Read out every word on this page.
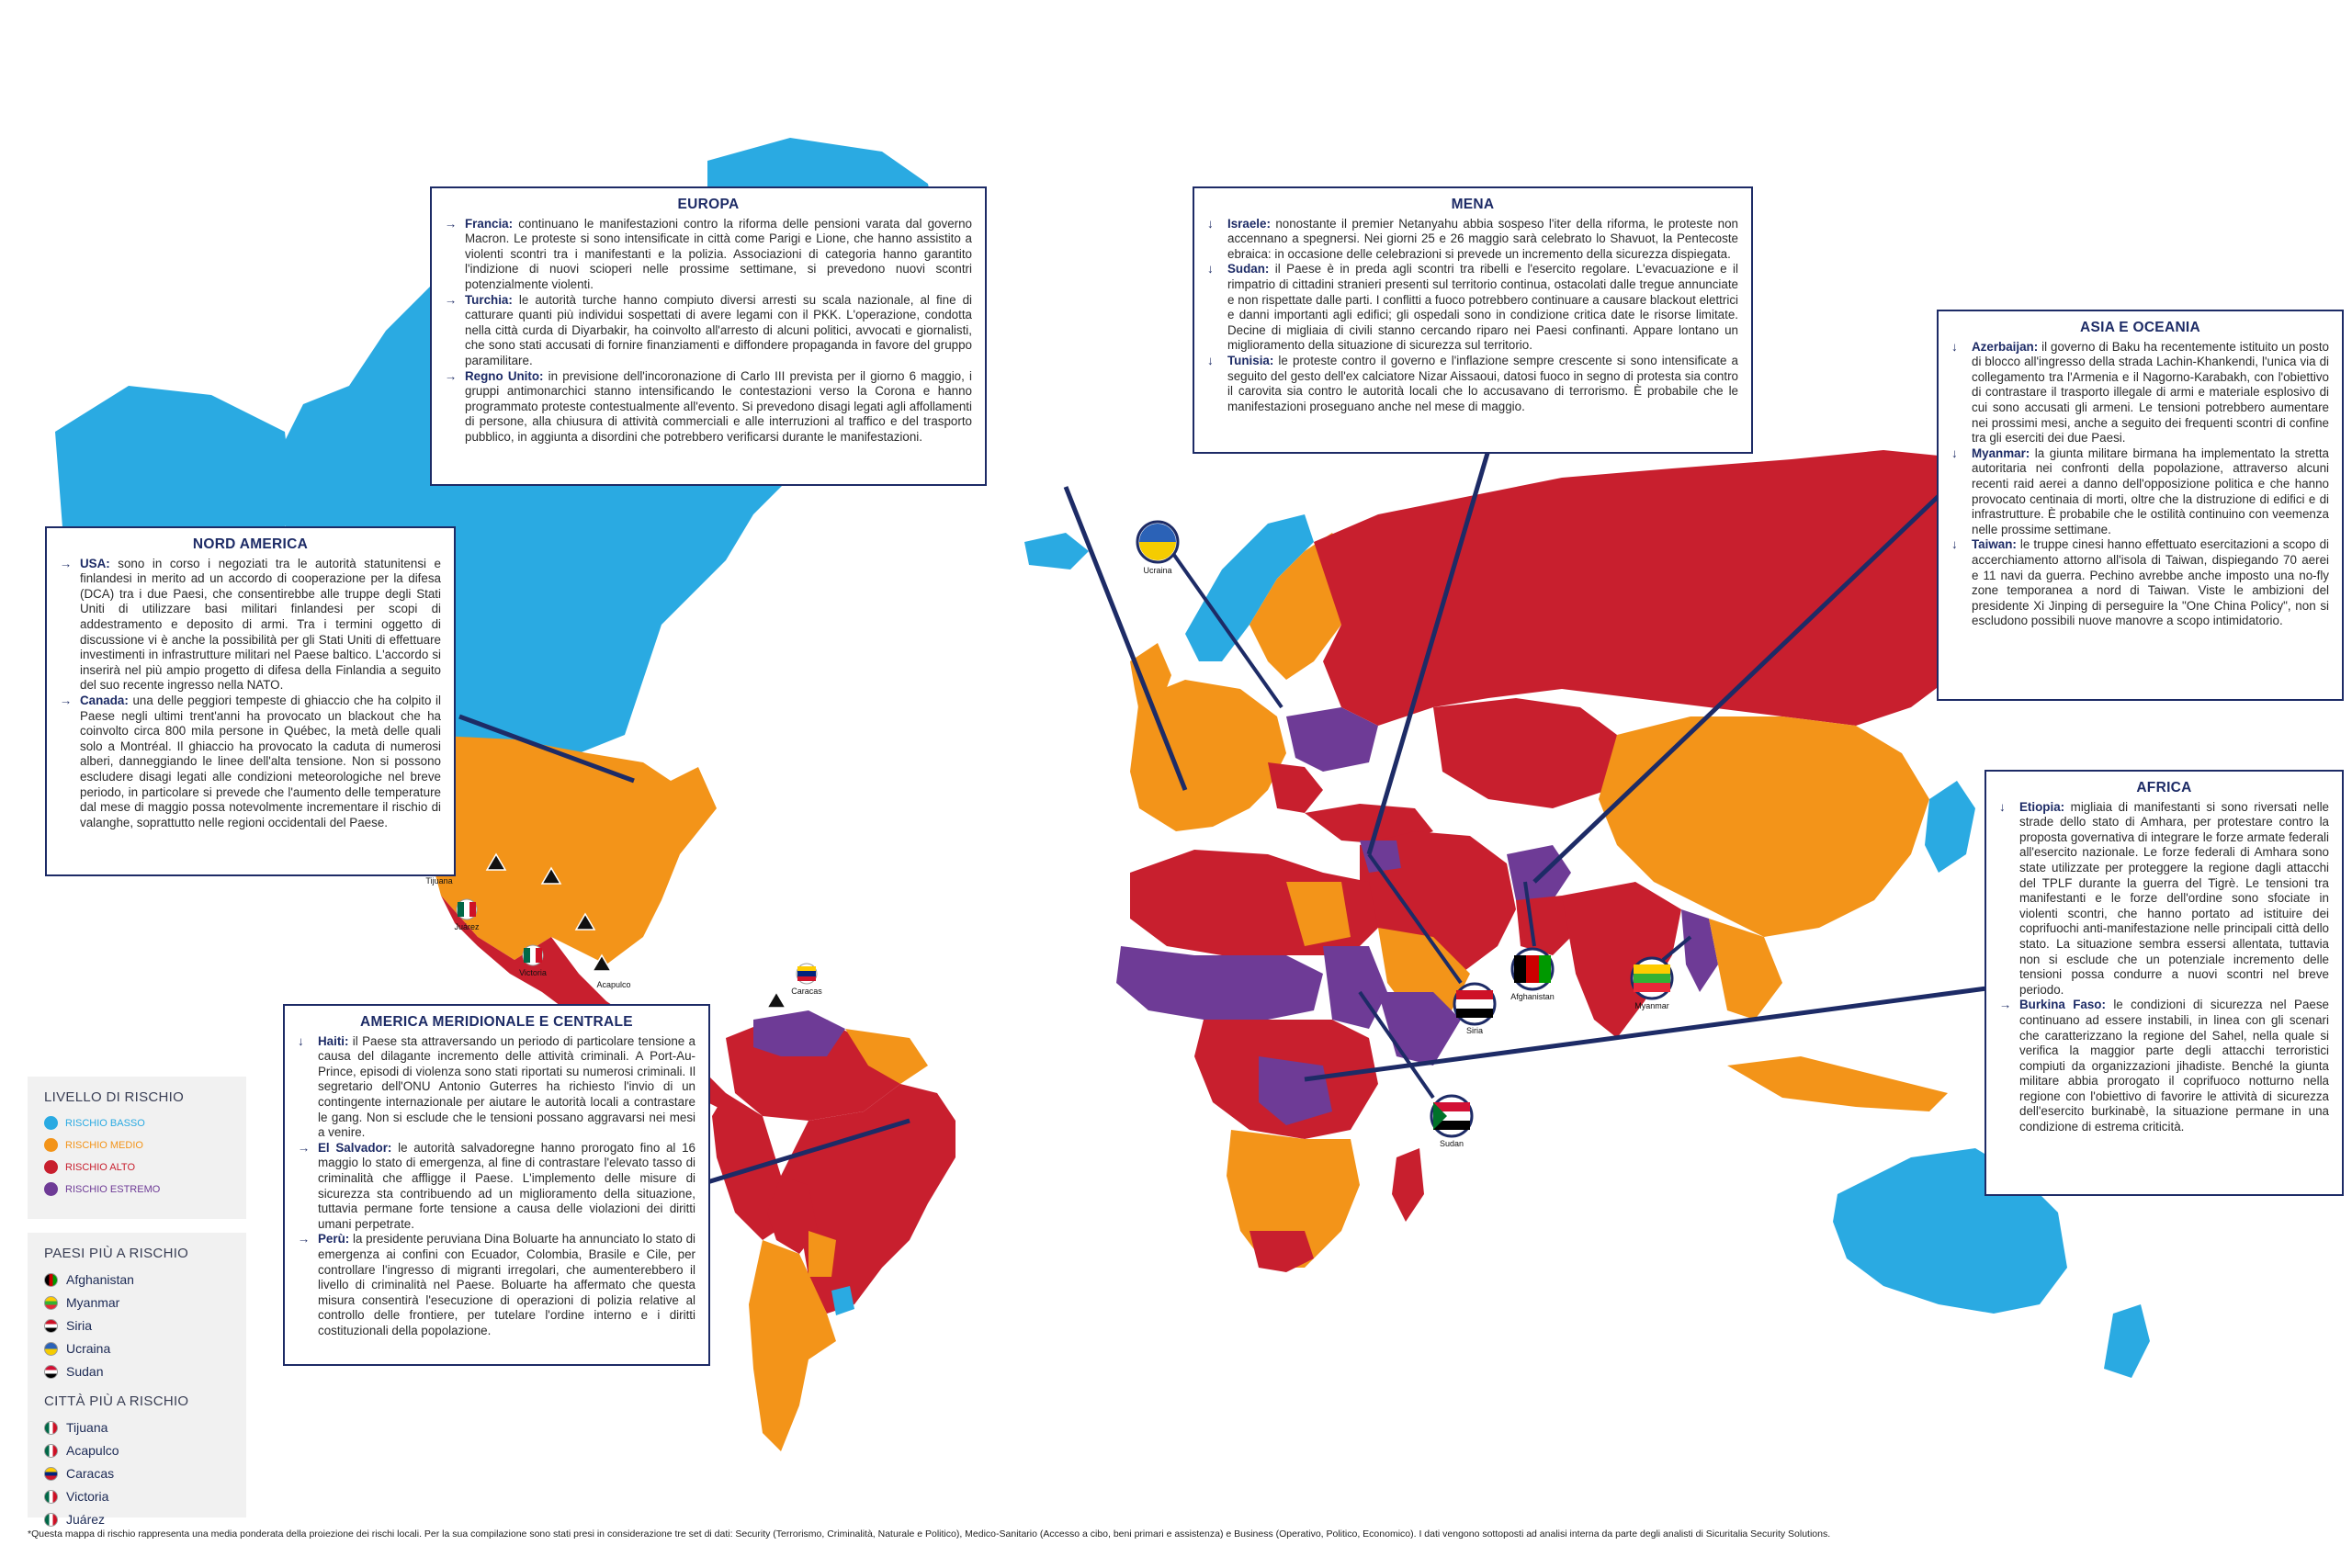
Ucraina
Siria
Afghanistan
Myanmar
Sudan
Tijuana
Juárez
Victoria
Acapulco
Caracas
EUROPA

→ Francia: continuano le manifestazioni contro la riforma delle pensioni varata dal governo Macron. Le proteste si sono intensificate in città come Parigi e Lione, che hanno assistito a violenti scontri tra i manifestanti e la polizia. Associazioni di categoria hanno garantito l'indizione di nuovi scioperi nelle prossime settimane, si prevedono nuovi scontri potenzialmente violenti.

→ Turchia: le autorità turche hanno compiuto diversi arresti su scala nazionale, al fine di catturare quanti più individui sospettati di avere legami con il PKK. L'operazione, condotta nella città curda di Diyarbakir, ha coinvolto all'arresto di alcuni politici, avvocati e giornalisti, che sono stati accusati di fornire finanziamenti e diffondere propaganda in favore del gruppo paramilitare.

→ Regno Unito: in previsione dell'incoronazione di Carlo III prevista per il giorno 6 maggio, i gruppi antimonarchici stanno intensificando le contestazioni verso la Corona e hanno programmato proteste contestualmente all'evento. Si prevedono disagi legati agli affollamenti di persone, alla chiusura di attività commerciali e alle interruzioni al traffico e del trasporto pubblico, in aggiunta a disordini che potrebbero verificarsi durante le manifestazioni.

MENA

↓ Israele: nonostante il premier Netanyahu abbia sospeso l'iter della riforma, le proteste non accennano a spegnersi. Nei giorni 25 e 26 maggio sarà celebrato lo Shavuot, la Pentecoste ebraica: in occasione delle celebrazioni si prevede un incremento della sicurezza dispiegata.

↓ Sudan: il Paese è in preda agli scontri tra ribelli e l'esercito regolare. L'evacuazione e il rimpatrio di cittadini stranieri presenti sul territorio continua, ostacolati dalle tregue annunciate e non rispettate dalle parti. I conflitti a fuoco potrebbero continuare a causare blackout elettrici e danni importanti agli edifici; gli ospedali sono in condizione critica date le risorse limitate. Decine di migliaia di civili stanno cercando riparo nei Paesi confinanti. Appare lontano un miglioramento della situazione di sicurezza sul territorio.

↓ Tunisia: le proteste contro il governo e l'inflazione sempre crescente si sono intensificate a seguito del gesto dell'ex calciatore Nizar Aissaoui, datosi fuoco in segno di protesta sia contro il carovita sia contro le autorità locali che lo accusavano di terrorismo. È probabile che le manifestazioni proseguano anche nel mese di maggio.

ASIA E OCEANIA

↓ Azerbaijan: il governo di Baku ha recentemente istituito un posto di blocco all'ingresso della strada Lachin-Khankendi, l'unica via di collegamento tra l'Armenia e il Nagorno-Karabakh, con l'obiettivo di contrastare il trasporto illegale di armi e materiale esplosivo di cui sono accusati gli armeni. Le tensioni potrebbero aumentare nei prossimi mesi, anche a seguito dei frequenti scontri di confine tra gli eserciti dei due Paesi.

↓ Myanmar: la giunta militare birmana ha implementato la stretta autoritaria nei confronti della popolazione, attraverso alcuni recenti raid aerei a danno dell'opposizione politica e che hanno provocato centinaia di morti, oltre che la distruzione di edifici e di infrastrutture. È probabile che le ostilità continuino con veemenza nelle prossime settimane.

↓ Taiwan: le truppe cinesi hanno effettuato esercitazioni a scopo di accerchiamento attorno all'isola di Taiwan, dispiegando 70 aerei e 11 navi da guerra. Pechino avrebbe anche imposto una no-fly zone temporanea a nord di Taiwan. Viste le ambizioni del presidente Xi Jinping di perseguire la "One China Policy", non si escludono possibili nuove manovre a scopo intimidatorio.

NORD AMERICA

→ USA: sono in corso i negoziati tra le autorità statunitensi e finlandesi in merito ad un accordo di cooperazione per la difesa (DCA) tra i due Paesi, che consentirebbe alle truppe degli Stati Uniti di utilizzare basi militari finlandesi per scopi di addestramento e deposito di armi. Tra i termini oggetto di discussione vi è anche la possibilità per gli Stati Uniti di effettuare investimenti in infrastrutture militari nel Paese baltico. L'accordo si inserirà nel più ampio progetto di difesa della Finlandia a seguito del suo recente ingresso nella NATO.

→ Canada: una delle peggiori tempeste di ghiaccio che ha colpito il Paese negli ultimi trent'anni ha provocato un blackout che ha coinvolto circa 800 mila persone in Québec, la metà delle quali solo a Montréal. Il ghiaccio ha provocato la caduta di numerosi alberi, danneggiando le linee dell'alta tensione. Non si possono escludere disagi legati alle condizioni meteorologiche nel breve periodo, in particolare si prevede che l'aumento delle temperature dal mese di maggio possa notevolmente incrementare il rischio di valanghe, soprattutto nelle regioni occidentali del Paese.

AMERICA MERIDIONALE E CENTRALE

↓ Haiti: il Paese sta attraversando un periodo di particolare tensione a causa del dilagante incremento delle attività criminali. A Port-Au-Prince, episodi di violenza sono stati riportati su numerosi criminali. Il segretario dell'ONU Antonio Guterres ha richiesto l'invio di un contingente internazionale per aiutare le autorità locali a contrastare le gang. Non si esclude che le tensioni possano aggravarsi nei mesi a venire.

→ El Salvador: le autorità salvadoregne hanno prorogato fino al 16 maggio lo stato di emergenza, al fine di contrastare l'elevato tasso di criminalità che affligge il Paese. L'implemento delle misure di sicurezza sta contribuendo ad un miglioramento della situazione, tuttavia permane forte tensione a causa delle violazioni dei diritti umani perpetrate.

→ Perù: la presidente peruviana Dina Boluarte ha annunciato lo stato di emergenza ai confini con Ecuador, Colombia, Brasile e Cile, per controllare l'ingresso di migranti irregolari, che aumenterebbero il livello di criminalità nel Paese. Boluarte ha affermato che questa misura consentirà l'esecuzione di operazioni di polizia relative al controllo delle frontiere, per tutelare l'ordine interno e i diritti costituzionali della popolazione.

AFRICA

↓ Etiopia: migliaia di manifestanti si sono riversati nelle strade dello stato di Amhara, per protestare contro la proposta governativa di integrare le forze armate federali all'esercito nazionale. Le forze federali di Amhara sono state utilizzate per proteggere la regione dagli attacchi del TPLF durante la guerra del Tigrè. Le tensioni tra manifestanti e le forze dell'ordine sono sfociate in violenti scontri, che hanno portato ad istituire dei coprifuochi anti-manifestazione nelle principali città dello stato. La situazione sembra essersi allentata, tuttavia non si esclude che un potenziale incremento delle tensioni possa condurre a nuovi scontri nel breve periodo.

→ Burkina Faso: le condizioni di sicurezza nel Paese continuano ad essere instabili, in linea con gli scenari che caratterizzano la regione del Sahel, nella quale si verifica la maggior parte degli attacchi terroristici compiuti da organizzazioni jihadiste. Benché la giunta militare abbia prorogato il coprifuoco notturno nella regione con l'obiettivo di favorire le attività di sicurezza dell'esercito burkinabè, la situazione permane in una condizione di estrema criticità.

LIVELLO DI RISCHIO
RISCHIO BASSO
RISCHIO MEDIO
RISCHIO ALTO
RISCHIO ESTREMO
PAESI PIÙ A RISCHIO
Afghanistan
Myanmar
Siria
Ucraina
Sudan
CITTÀ PIÙ A RISCHIO
Tijuana
Acapulco
Caracas
Victoria
Juárez
*Questa mappa di rischio rappresenta una media ponderata della proiezione dei rischi locali. Per la sua compilazione sono stati presi in considerazione tre set di dati: Security (Terrorismo, Criminalità, Naturale e Politico), Medico-Sanitario (Accesso a cibo, beni primari e assistenza) e Business (Operativo, Politico, Economico). I dati vengono sottoposti ad analisi interna da parte degli analisti di Sicuritalia Security Solutions.
